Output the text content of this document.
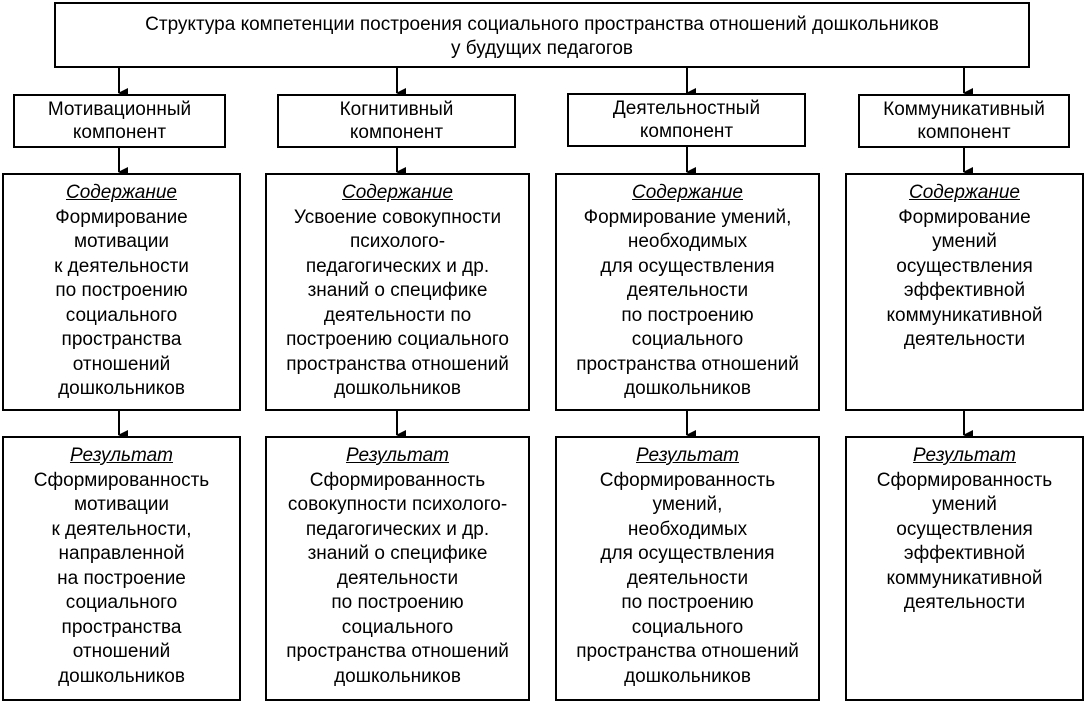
Структура компетенции построения социального пространства отношений дошкольников
у будущих педагогов
Мотивационный
компонент
Когнитивный
компонент
Деятельностный
компонент
Коммуникативный
компонент
Содержание
Формирование
мотивации
к деятельности
по построению
социального
пространства
отношений
дошкольников
Содержание
Усвоение совокупности
психолого-
педагогических и др.
знаний о специфике
деятельности по
построению социального
пространства отношений
дошкольников
Содержание
Формирование умений,
необходимых
для осуществления
деятельности
по построению
социального
пространства отношений
дошкольников
Содержание
Формирование
умений
осуществления
эффективной
коммуникативной
деятельности
Результат
Сформированность
мотивации
к деятельности,
направленной
на построение
социального
пространства
отношений
дошкольников
Результат
Сформированность
совокупности психолого-
педагогических и др.
знаний о специфике
деятельности
по построению
социального
пространства отношений
дошкольников
Результат
Сформированность
умений,
необходимых
для осуществления
деятельности
по построению
социального
пространства отношений
дошкольников
Результат
Сформированность
умений
осуществления
эффективной
коммуникативной
деятельности
